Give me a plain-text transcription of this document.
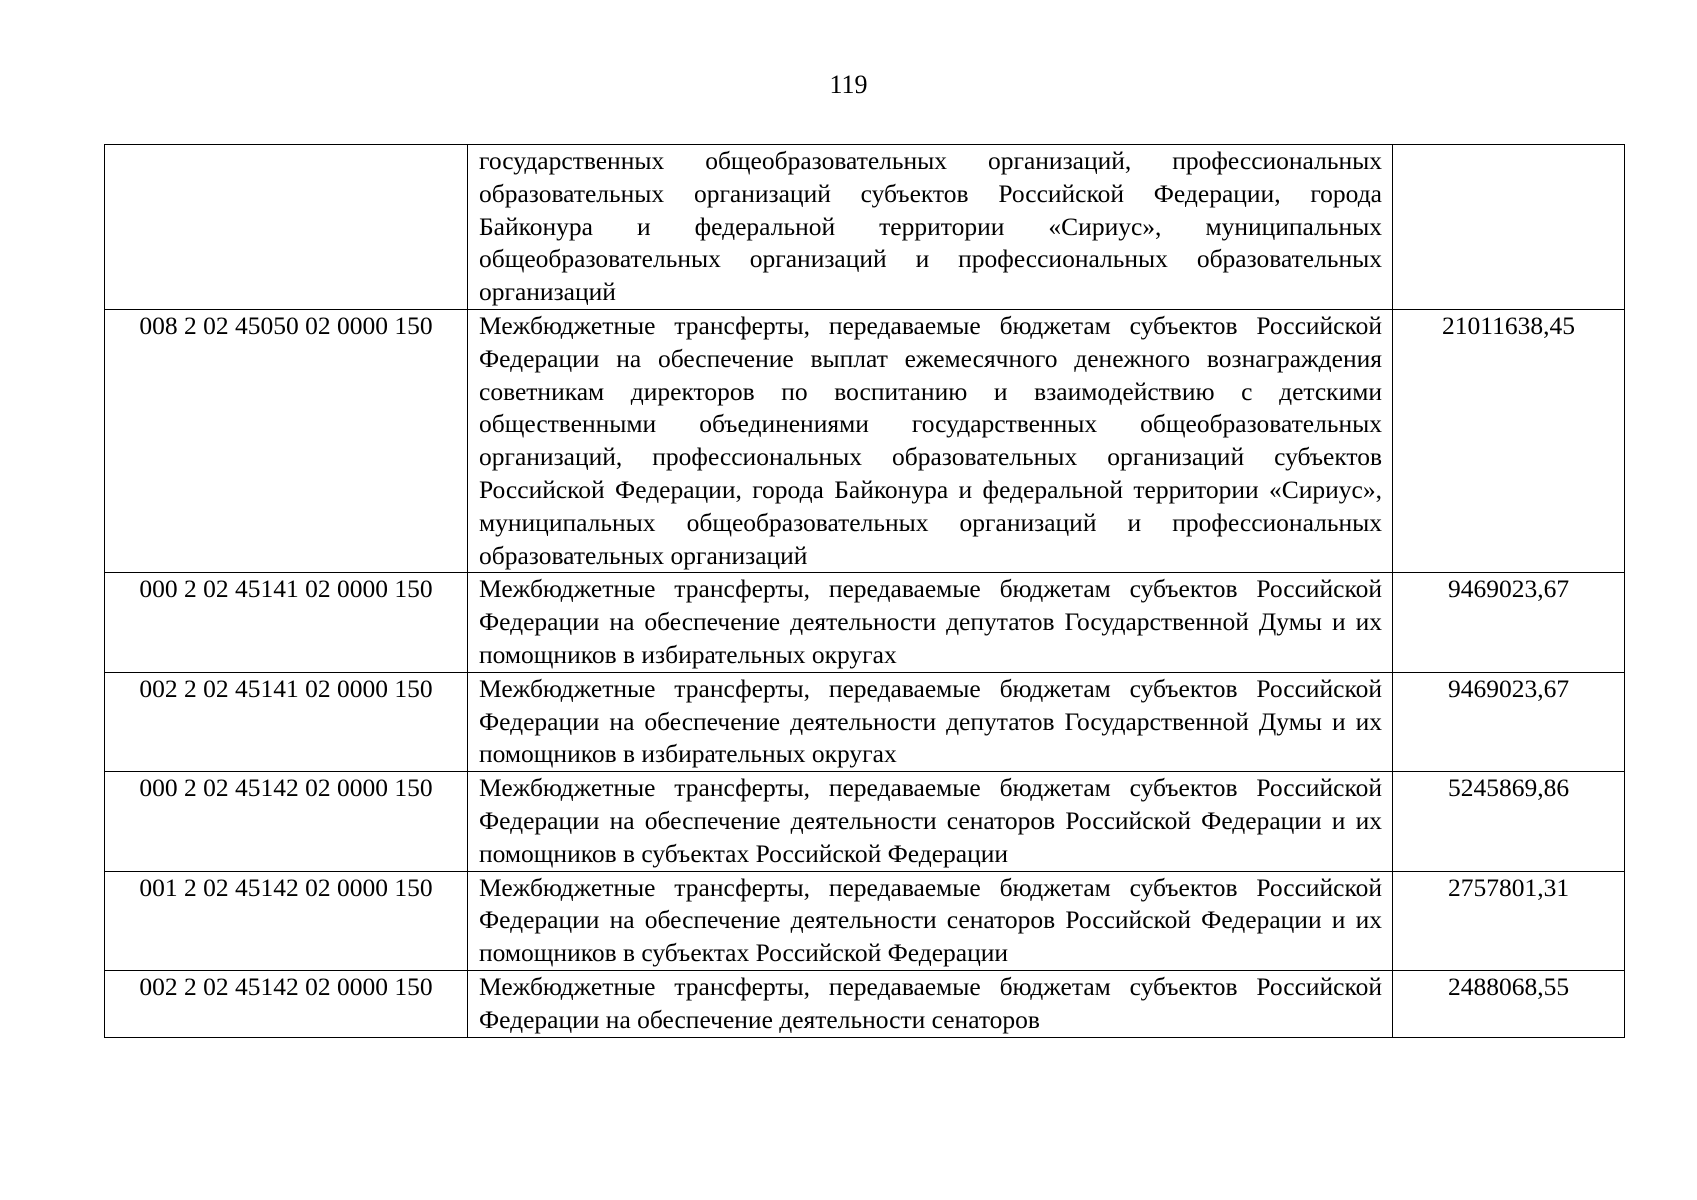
119
	государственных общеобразовательных организаций, профессиональных образовательных организаций субъектов Российской Федерации, города Байконура и федеральной территории «Сириус», муниципальных общеобразовательных организаций и профессиональных образовательных организаций	
008 2 02 45050 02 0000 150	Межбюджетные трансферты, передаваемые бюджетам субъектов Российской Федерации на обеспечение выплат ежемесячного денежного вознаграждения советникам директоров по воспитанию и взаимодействию с детскими общественными объединениями государственных общеобразовательных организаций, профессиональных образовательных организаций субъектов Российской Федерации, города Байконура и федеральной территории «Сириус», муниципальных общеобразовательных организаций и профессиональных образовательных организаций	21011638,45
000 2 02 45141 02 0000 150	Межбюджетные трансферты, передаваемые бюджетам субъектов Российской Федерации на обеспечение деятельности депутатов Государственной Думы и их помощников в избирательных округах	9469023,67
002 2 02 45141 02 0000 150	Межбюджетные трансферты, передаваемые бюджетам субъектов Российской Федерации на обеспечение деятельности депутатов Государственной Думы и их помощников в избирательных округах	9469023,67
000 2 02 45142 02 0000 150	Межбюджетные трансферты, передаваемые бюджетам субъектов Российской Федерации на обеспечение деятельности сенаторов Российской Федерации и их помощников в субъектах Российской Федерации	5245869,86
001 2 02 45142 02 0000 150	Межбюджетные трансферты, передаваемые бюджетам субъектов Российской Федерации на обеспечение деятельности сенаторов Российской Федерации и их помощников в субъектах Российской Федерации	2757801,31
002 2 02 45142 02 0000 150	Межбюджетные трансферты, передаваемые бюджетам субъектов Российской Федерации на обеспечение деятельности сенаторов	2488068,55
